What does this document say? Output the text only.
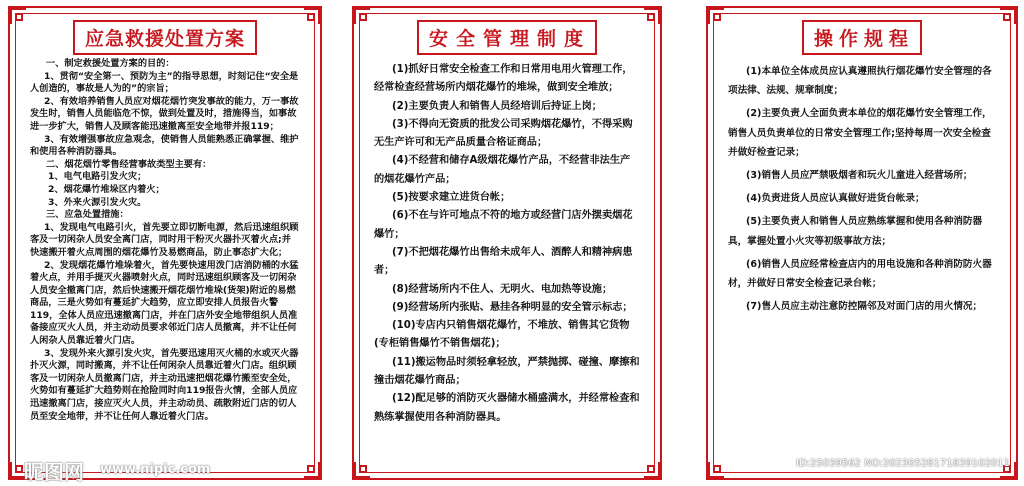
应急救援处置方案

一、制定救援处置方案的目的：

1、贯彻“安全第一、预防为主”的指导思想，时刻记住“安全是人创造的，事故是人为的”的宗旨；

2、有效培养销售人员应对烟花烟竹突发事故的能力，万一事故发生时，销售人员能临危不惊，做到处置及时，措施得当，如事故进一步扩大，销售人及顾客能迅速撤离至安全地带并报119；

3、有效增强事故应急观念，使销售人员能熟悉正确掌握、维护和使用各种消防器具。

二、烟花烟竹零售经营事故类型主要有：

1、电气电路引发火灾；

2、烟花爆竹堆垛区内着火；

3、外来火源引发火灾。

三、应急处置措施：

1、发现电气电路引火，首先要立即切断电源，然后迅速组织顾客及一切闲杂人员安全离门店，同时用干粉灭火器扑灭着火点;并快速搬开着火点周围的烟花爆竹及易燃商品，防止事态扩大化；

2、发现烟花爆竹堆垛着火，首先要快速用泼门店消防桶的水猛着火点，并用手提灭火器喷射火点，同时迅速组织顾客及一切闲杂人员安全撤离门店，然后快速搬开烟花烟竹堆垛(货架)附近的易燃商品，三是火势如有蔓延扩大趋势，应立即安排人员报告火警119，全体人员应迅速撤离门店，并在门店外安全地带组织人员准备接应灭火人员，并主动动员要求邻近门店人员撤离，并不让任何人闲杂人员靠近着火门店。

3、发现外来火源引发火灾，首先要迅速用灭火桶的水或灭火器扑灭火源，同时搬离，并不让任何闲杂人员靠近着火门店。组织顾客及一切闲杂人员撤离门店，并主动迅速把烟花爆竹搬至安全处，火势如有蔓延扩大趋势则在抢险同时向119报告火情，全部人员应迅速撤离门店，接应灭火人员，并主动动员、疏散附近门店的切人员至安全地带，并不让任何人靠近着火门店。

安全管理制度

(1)抓好日常安全检查工作和日常用电用火管理工作，经常检查经营场所内烟花爆竹的堆垛，做到安全堆放；

(2)主要负责人和销售人员经培训后持证上岗；

(3)不得向无资质的批发公司采购烟花爆竹，不得采购无生产许可和无产品质量合格证商品；

(4)不经营和储存A级烟花爆竹产品，不经营非法生产的烟花爆竹产品；

(5)按要求建立进货台帐；

(6)不在与许可地点不符的地方或经营门店外摆卖烟花爆竹；

(7)不把烟花爆竹出售给未成年人、酒醉人和精神病患者；

(8)经营场所内不住人、无明火、电加热等设施；

(9)经营场所内张贴、悬挂各种明显的安全管示标志；

(10)专店内只销售烟花爆竹，不堆放、销售其它货物(专柜销售爆竹不销售烟花)；

(11)搬运物品时须轻拿轻放，严禁抛掷、碰撞、摩擦和撞击烟花爆竹商品；

(12)配足够的消防灭火器储水桶盛满水，并经常检查和熟练掌握使用各种消防器具。

操作规程

(1)本单位全体成员应认真遵照执行烟花爆竹安全管理的各项法律、法规、规章制度；

(2)主要负责人全面负责本单位的烟花爆竹安全管理工作，销售人员负责单位的日常安全管理工作;坚持每周一次安全检查并做好检查记录；

(3)销售人员应严禁吸烟者和玩火儿童进入经营场所；

(4)负责进货人员应认真做好进货台帐录；

(5)主要负责人和销售人员应熟练掌握和使用各种消防器具，掌握处置小火灾等初级事故方法；

(6)销售人员应经常检查店内的用电设施和各种消防防火器材，并做好日常安全检查记录台帐；

(7)售人员应主动注意防控隔邻及对面门店的用火情况；

昵图网 www.nipic.com	ID:25039562 NO:20230528171839102011
